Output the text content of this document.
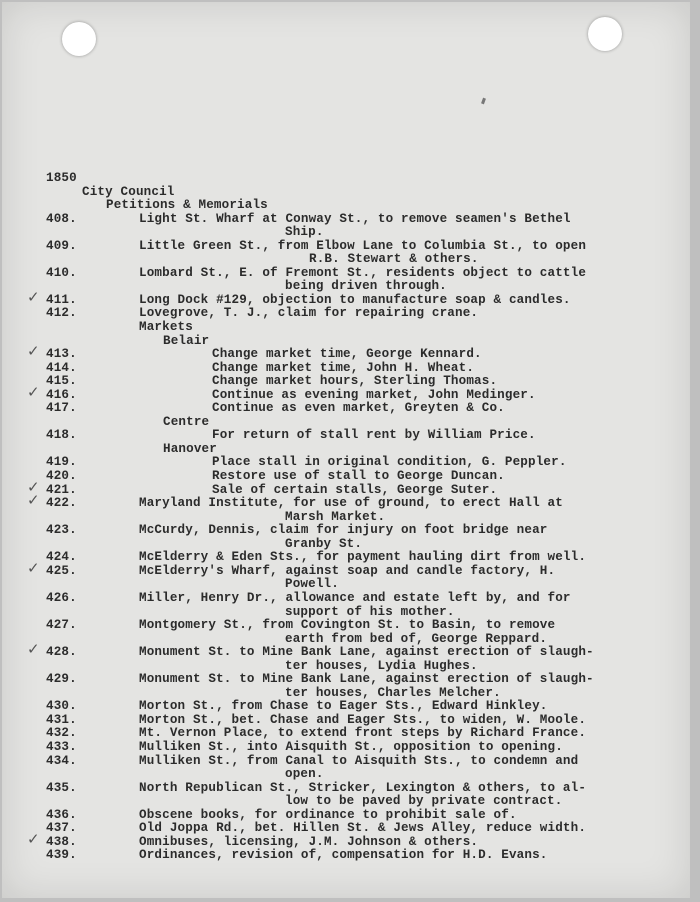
1850
City Council
Petitions & Memorials
408.	Light St. Wharf at Conway St., to remove seamen's Bethel
Ship.
409.	Little Green St., from Elbow Lane to Columbia St., to open
R.B. Stewart & others.
410.	Lombard St., E. of Fremont St., residents object to cattle
being driven through.
✓ 411.	Long Dock #129, objection to manufacture soap & candles.
412.	Lovegrove, T. J., claim for repairing crane.
Markets
Belair
✓ 413.	Change market time, George Kennard.
414.	Change market time, John H. Wheat.
415.	Change market hours, Sterling Thomas.
✓ 416.	Continue as evening market, John Medinger.
417.	Continue as even market, Greyten & Co.
Centre
418.	For return of stall rent by William Price.
Hanover
419.	Place stall in original condition, G. Peppler.
420.	Restore use of stall to George Duncan.
✓ 421.	Sale of certain stalls, George Suter.
✓ 422.	Maryland Institute, for use of ground, to erect Hall at
Marsh Market.
423.	McCurdy, Dennis, claim for injury on foot bridge near
Granby St.
424.	McElderry & Eden Sts., for payment hauling dirt from well.
✓ 425.	McElderry's Wharf, against soap and candle factory, H.
Powell.
426.	Miller, Henry Dr., allowance and estate left by, and for
support of his mother.
427.	Montgomery St., from Covington St. to Basin, to remove
earth from bed of, George Reppard.
✓ 428.	Monument St. to Mine Bank Lane, against erection of slaugh-
ter houses, Lydia Hughes.
429.	Monument St. to Mine Bank Lane, against erection of slaugh-
ter houses, Charles Melcher.
430.	Morton St., from Chase to Eager Sts., Edward Hinkley.
431.	Morton St., bet. Chase and Eager Sts., to widen, W. Moole.
432.	Mt. Vernon Place, to extend front steps by Richard France.
433.	Mulliken St., into Aisquith St., opposition to opening.
434.	Mulliken St., from Canal to Aisquith Sts., to condemn and
open.
435.	North Republican St., Stricker, Lexington & others, to al-
low to be paved by private contract.
436.	Obscene books, for ordinance to prohibit sale of.
437.	Old Joppa Rd., bet. Hillen St. & Jews Alley, reduce width.
✓ 438.	Omnibuses, licensing, J.M. Johnson & others.
439.	Ordinances, revision of, compensation for H.D. Evans.
